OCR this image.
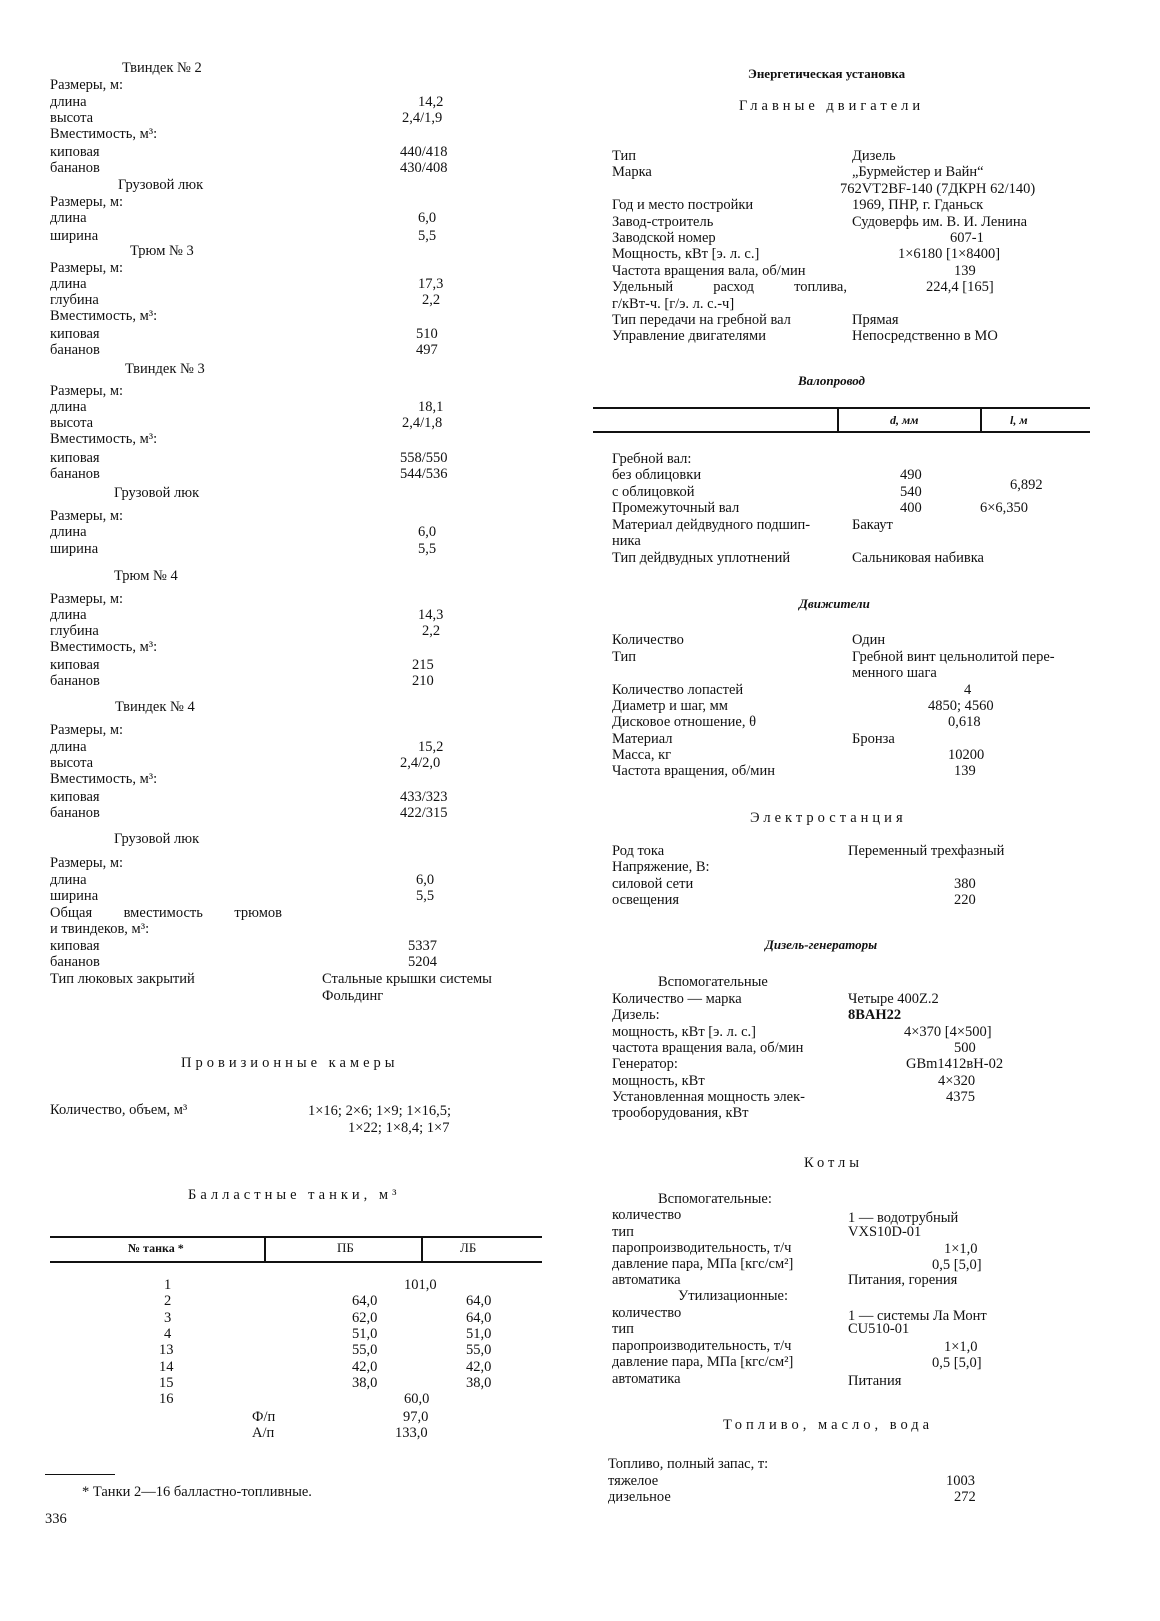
Твиндек № 2
Размеры, м:
длина	14,2
высота	2,4/1,9
Вместимость, м³:
киповая	440/418
бананов	430/408
Грузовой люк
Размеры, м:
длина	6,0
ширина	5,5
Трюм № 3
Размеры, м:
длина	17,3
глубина	2,2
Вместимость, м³:
киповая	510
бананов	497
Твиндек № 3
Размеры, м:
длина	18,1
высота	2,4/1,8
Вместимость, м³:
киповая	558/550
бананов	544/536
Грузовой люк
Размеры, м:
длина	6,0
ширина	5,5
Трюм № 4
Размеры, м:
длина	14,3
глубина	2,2
Вместимость, м³:
киповая	215
бананов	210
Твиндек № 4
Размеры, м:
длина	15,2
высота	2,4/2,0
Вместимость, м³:
киповая	433/323
бананов	422/315
Грузовой люк
Размеры, м:
длина	6,0
ширина	5,5
Общая вместимость трюмов
и твиндеков, м³:
киповая	5337
бананов	5204
Тип люковых закрытий	Стальные крышки системы
Фольдинг
Провизионные камеры
Количество, объем, м³	1×16; 2×6; 1×9; 1×16,5;
1×22; 1×8,4; 1×7
Балластные танки, м³
№ танка *	ПБ	ЛБ
1	101,0
2	64,0	64,0
3	62,0	64,0
4	51,0	51,0
13	55,0	55,0
14	42,0	42,0
15	38,0	38,0
16	60,0
Ф/п	97,0
А/п	133,0
* Танки 2—16 балластно-топливные.
336
Энергетическая установка
Главные двигатели
Тип	Дизель
Марка	„Бурмейстер и Вайн“
762VT2BF-140 (7ДКРН 62/140)
Год и место постройки	1969, ПНР, г. Гданьск
Завод-строитель	Судоверфь им. В. И. Ленина
Заводской номер	607-1
Мощность, кВт [э. л. с.]	1×6180 [1×8400]
Частота вращения вала, об/мин	139
Удельный	расход	топлива,	224,4 [165]
г/кВт-ч. [г/э. л. с.-ч]
Тип передачи на гребной вал	Прямая
Управление двигателями	Непосредственно в МО
Валопровод
d, мм	l, м
Гребной вал:
без облицовки	490
с облицовкой	540	6,892
Промежуточный вал	400	6×6,350
Материал дейдвудного подшип-	Бакаут
ника
Тип дейдвудных уплотнений	Сальниковая набивка
Движители
Количество	Один
Тип	Гребной винт цельнолитой пере-
менного шага
Количество лопастей	4
Диаметр и шаг, мм	4850; 4560
Дисковое отношение, θ	0,618
Материал	Бронза
Масса, кг	10200
Частота вращения, об/мин	139
Электростанция
Род тока	Переменный трехфазный
Напряжение, В:
силовой сети	380
освещения	220
Дизель-генераторы
Вспомогательные
Количество — марка	Четыре 400Z.2
Дизель:	8BAH22
мощность, кВт [э. л. с.]	4×370 [4×500]
частота вращения вала, об/мин	500
Генератор:	GBm1412вН-02
мощность, кВт	4×320
Установленная мощность элек-	4375
трооборудования, кВт
Котлы
Вспомогательные:
количество	1 — водотрубный
тип	VXS10D-01
паропроизводительность, т/ч	1×1,0
давление пара, МПа [кгс/см²]	0,5 [5,0]
автоматика	Питания, горения
Утилизационные:
количество	1 — системы Ла Монт
тип	CU510-01
паропроизводительность, т/ч	1×1,0
давление пара, МПа [кгс/см²]	0,5 [5,0]
автоматика	Питания
Топливо, масло, вода
Топливо, полный запас, т:
тяжелое	1003
дизельное	272
